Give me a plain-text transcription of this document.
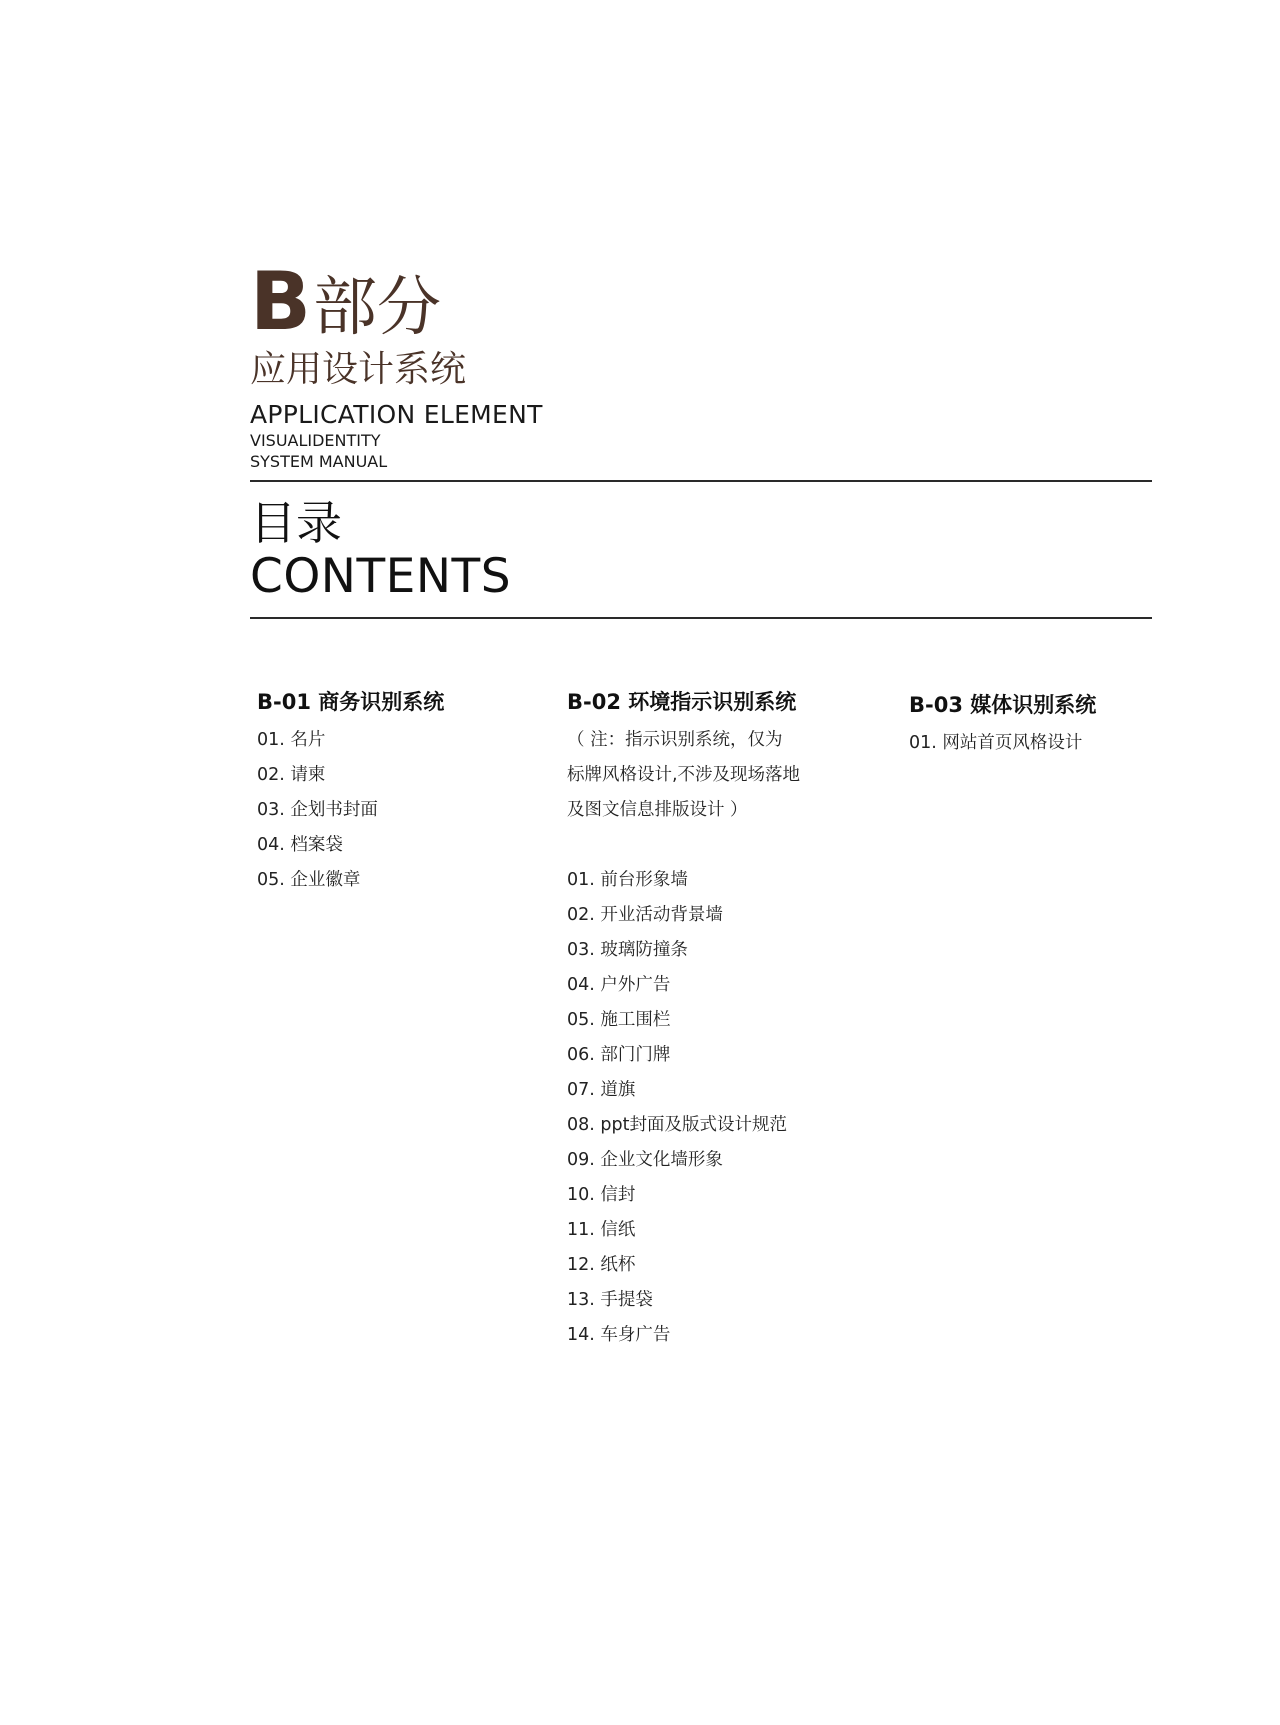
B 部分
应用设计系统
APPLICATION ELEMENT
VISUALIDENTITY
SYSTEM MANUAL
目录
CONTENTS
B-01 商务识别系统
01. 名片
02. 请柬
03. 企划书封面
04. 档案袋
05. 企业徽章
B-02 环境指示识别系统
（ 注：指示识别系统，仅为
标牌风格设计,不涉及现场落地
及图文信息排版设计 ）
01. 前台形象墙
02. 开业活动背景墙
03. 玻璃防撞条
04. 户外广告
05. 施工围栏
06. 部门门牌
07. 道旗
08. ppt封面及版式设计规范
09. 企业文化墙形象
10. 信封
11. 信纸
12. 纸杯
13. 手提袋
14. 车身广告
B-03 媒体识别系统
01. 网站首页风格设计
